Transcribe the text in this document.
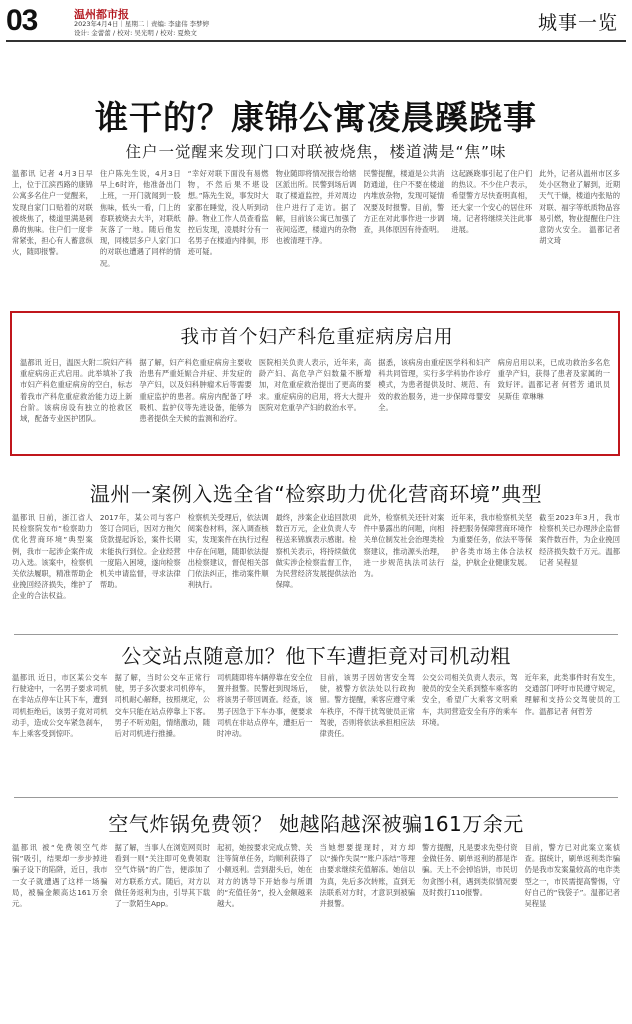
03	温州都市报
2023年4月4日｜星期二｜责编: 李建伟 李梦婷
设计: 金蕾蕾 / 校对: 吴光明 / 校对: 夏焕文	城事一览
谁干的？康锦公寓凌晨蹊跷事
住户一觉醒来发现门口对联被烧焦，楼道满是“焦”味
温都讯 记者 4月3日早上，位于江滨西路的康锦公寓多名住户一觉醒来，发现自家门口贴着的对联被烧焦了，楼道里满是刺鼻的焦味。住户们一度非常紧张，担心有人蓄意纵火，随即报警。
住户陈先生说，4月3日早上6时许，他准备出门上班，一开门就闻到一股焦味，低头一看，门上的春联被烧去大半，对联纸灰落了一地。随后他发现，同楼层多户人家门口的对联也遭遇了同样的情况。
“幸好对联下面没有易燃物，不然后果不堪设想。”陈先生说，事发时大家都在睡觉，没人听到动静。物业工作人员查看监控后发现，凌晨时分有一名男子在楼道内徘徊，形迹可疑。
物业随即将情况报告给辖区派出所。民警到场后调取了楼道监控，并对周边住户进行了走访。据了解，目前该公寓已加强了夜间巡逻，楼道内的杂物也被清理干净。
民警提醒，楼道是公共消防通道，住户不要在楼道内堆放杂物，发现可疑情况要及时报警。目前，警方正在对此事作进一步调查，具体原因有待查明。
这起蹊跷事引起了住户们的热议。不少住户表示，希望警方尽快查明真相，还大家一个安心的居住环境。记者将继续关注此事进展。
此外，记者从温州市区多处小区物业了解到，近期天气干燥，楼道内张贴的对联、福字等纸质物品容易引燃，物业提醒住户注意防火安全。 温都记者 胡文琦
我市首个妇产科危重症病房启用
温都讯 近日，温医大附二院妇产科重症病房正式启用。此举填补了我市妇产科危重症病房的空白，标志着我市产科危重症救治能力迈上新台阶。该病房设有独立的抢救区域，配备专业医护团队。
据了解，妇产科危重症病房主要收治患有严重妊娠合并症、并发症的孕产妇，以及妇科肿瘤术后等需要重症监护的患者。病房内配备了呼吸机、监护仪等先进设备，能够为患者提供全天候的监测和治疗。
医院相关负责人表示，近年来，高龄产妇、高危孕产妇数量不断增加，对危重症救治提出了更高的要求。重症病房的启用，将大大提升医院对危重孕产妇的救治水平。
据悉，该病房由重症医学科和妇产科共同管理，实行多学科协作诊疗模式，为患者提供及时、规范、有效的救治服务，进一步保障母婴安全。
病房启用以来，已成功救治多名危重孕产妇，获得了患者及家属的一致好评。温都记者 何哲芳 通讯员 吴斯佳 章琳琳
温州一案例入选全省“检察助力优化营商环境”典型
温都讯 日前，浙江省人民检察院发布“检察助力优化营商环境”典型案例，我市一起涉企案件成功入选。该案中，检察机关依法履职，精准帮助企业挽回经济损失，维护了企业的合法权益。
2017年，某公司与客户签订合同后，因对方拖欠货款提起诉讼，案件长期未能执行到位。企业经营一度陷入困境，遂向检察机关申请监督，寻求法律帮助。
检察机关受理后，依法调阅案卷材料，深入调查核实，发现案件在执行过程中存在问题，随即依法提出检察建议，督促相关部门依法纠正，推动案件顺利执行。
最终，涉案企业追回款项数百万元，企业负责人专程送来锦旗表示感谢。检察机关表示，将持续做优做实涉企检察监督工作，为民营经济发展提供法治保障。
此外，检察机关还针对案件中暴露出的问题，向相关单位制发社会治理类检察建议，推动源头治理，进一步规范执法司法行为。
近年来，我市检察机关坚持把服务保障营商环境作为重要任务，依法平等保护各类市场主体合法权益，护航企业健康发展。
截至2023年3月，我市检察机关已办理涉企监督案件数百件，为企业挽回经济损失数千万元。温都记者 吴程显
公交站点随意加？他下车遭拒竟对司机动粗
温都讯 近日，市区某公交车行驶途中，一名男子要求司机在非站点停车让其下车，遭到司机拒绝后，该男子竟对司机动手，造成公交车紧急刹车，车上乘客受到惊吓。
据了解，当时公交车正常行驶，男子多次要求司机停车，司机耐心解释，按照规定，公交车只能在站点停靠上下客。男子不听劝阻，情绪激动，随后对司机进行推搡。
司机随即将车辆停靠在安全位置并报警。民警赶到现场后，将该男子带回调查。经查，该男子因急于下车办事，便要求司机在非站点停车，遭拒后一时冲动。
目前，该男子因妨害安全驾驶，被警方依法处以行政拘留。警方提醒，乘客应遵守乘车秩序，不得干扰驾驶员正常驾驶，否则将依法承担相应法律责任。
公交公司相关负责人表示，驾驶员的安全关系到整车乘客的安全，希望广大乘客文明乘车，共同营造安全有序的乘车环境。
近年来，此类事件时有发生，交通部门呼吁市民遵守规定，理解和支持公交驾驶员的工作。温都记者 何哲芳
空气炸锅免费领？ 她越陷越深被骗161万余元
温都讯 被“免费领空气炸锅”吸引，结果却一步步掉进骗子设下的陷阱，近日，我市一女子就遭遇了这样一场骗局，被骗金额高达161万余元。
据了解，当事人在浏览网页时看到一则“关注即可免费领取空气炸锅”的广告，便添加了对方联系方式。随后，对方以做任务返利为由，引导其下载了一款陌生App。
起初，她按要求完成点赞、关注等简单任务，均顺利获得了小额返利。尝到甜头后，她在对方的诱导下开始参与所谓的“充值任务”，投入金额越来越大。
当她想要提现时，对方却以“操作失误”“账户冻结”等理由要求继续充值解冻。她信以为真，先后多次转账，直到无法联系对方时，才意识到被骗并报警。
警方提醒，凡是要求先垫付资金做任务、刷单返利的都是诈骗。天上不会掉馅饼，市民切勿贪图小利，遇到类似情况要及时拨打110报警。
目前，警方已对此案立案侦查。据统计，刷单返利类诈骗仍是我市发案量较高的电诈类型之一，市民需提高警惕，守好自己的“钱袋子”。温都记者 吴程显
